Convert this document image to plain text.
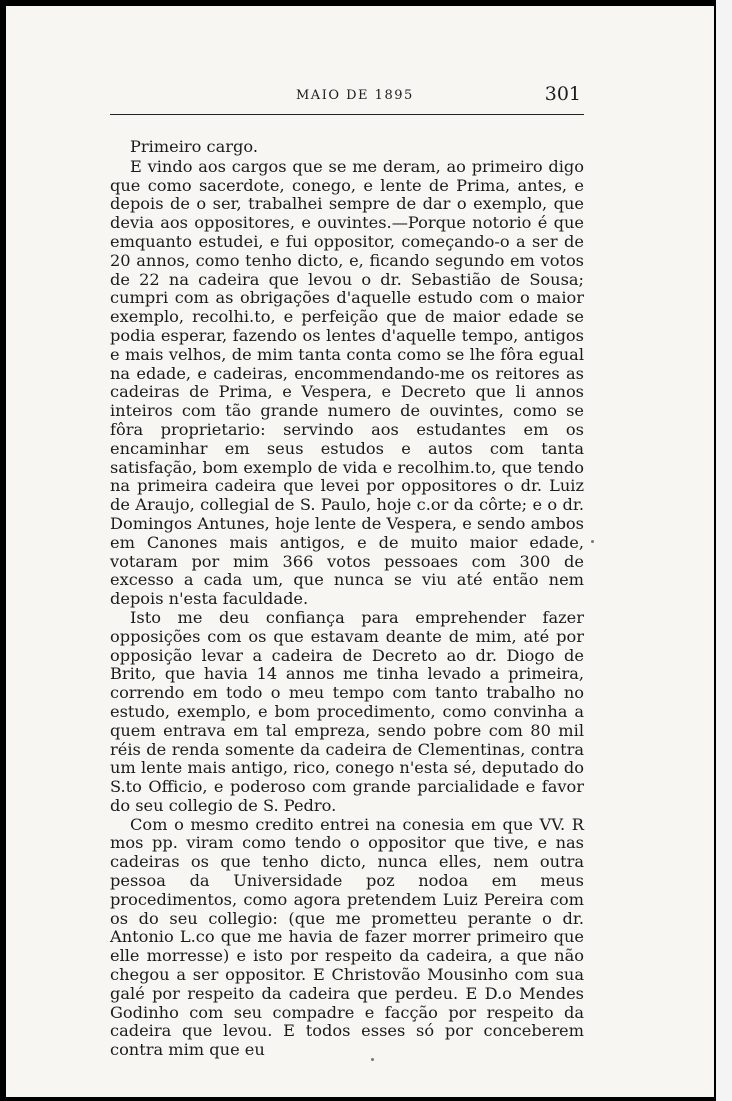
MAIO DE 1895	301

Primeiro cargo.

E vindo aos cargos que se me deram, ao primeiro digo que como sacerdote, conego, e lente de Prima, antes, e depois de o ser, trabalhei sempre de dar o exemplo, que devia aos oppositores, e ouvintes.—Porque notorio é que emquanto estudei, e fui oppositor, começando-o a ser de 20 annos, como tenho dicto, e, ficando segundo em votos de 22 na cadeira que levou o dr. Sebastião de Sousa; cumpri com as obrigações d'aquelle estudo com o maior exemplo, recolhi.to, e perfeição que de maior edade se podia esperar, fazendo os lentes d'aquelle tempo, antigos e mais velhos, de mim tanta conta como se lhe fôra egual na edade, e cadeiras, encommendando-me os reitores as cadeiras de Prima, e Vespera, e Decreto que li annos inteiros com tão grande numero de ouvintes, como se fôra proprietario: servindo aos estudantes em os encaminhar em seus estudos e autos com tanta satisfação, bom exemplo de vida e recolhim.to, que tendo na primeira cadeira que levei por oppositores o dr. Luiz de Araujo, collegial de S. Paulo, hoje c.or da côrte; e o dr. Domingos Antunes, hoje lente de Vespera, e sendo ambos em Canones mais antigos, e de muito maior edade, votaram por mim 366 votos pessoaes com 300 de excesso a cada um, que nunca se viu até então nem depois n'esta faculdade.

Isto me deu confiança para emprehender fazer opposições com os que estavam deante de mim, até por opposição levar a cadeira de Decreto ao dr. Diogo de Brito, que havia 14 annos me tinha levado a primeira, correndo em todo o meu tempo com tanto trabalho no estudo, exemplo, e bom procedimento, como convinha a quem entrava em tal empreza, sendo pobre com 80 mil réis de renda somente da cadeira de Clementinas, contra um lente mais antigo, rico, conego n'esta sé, deputado do S.to Officio, e poderoso com grande parcialidade e favor do seu collegio de S. Pedro.

Com o mesmo credito entrei na conesia em que VV. R mos pp. viram como tendo o oppositor que tive, e nas cadeiras os que tenho dicto, nunca elles, nem outra pessoa da Universidade poz nodoa em meus procedimentos, como agora pretendem Luiz Pereira com os do seu collegio: (que me prometteu perante o dr. Antonio L.co que me havia de fazer morrer primeiro que elle morresse) e isto por respeito da cadeira, a que não chegou a ser oppositor. E Christovão Mousinho com sua galé por respeito da cadeira que perdeu. E D.o Mendes Godinho com seu compadre e facção por respeito da cadeira que levou. E todos esses só por conceberem contra mim que eu
